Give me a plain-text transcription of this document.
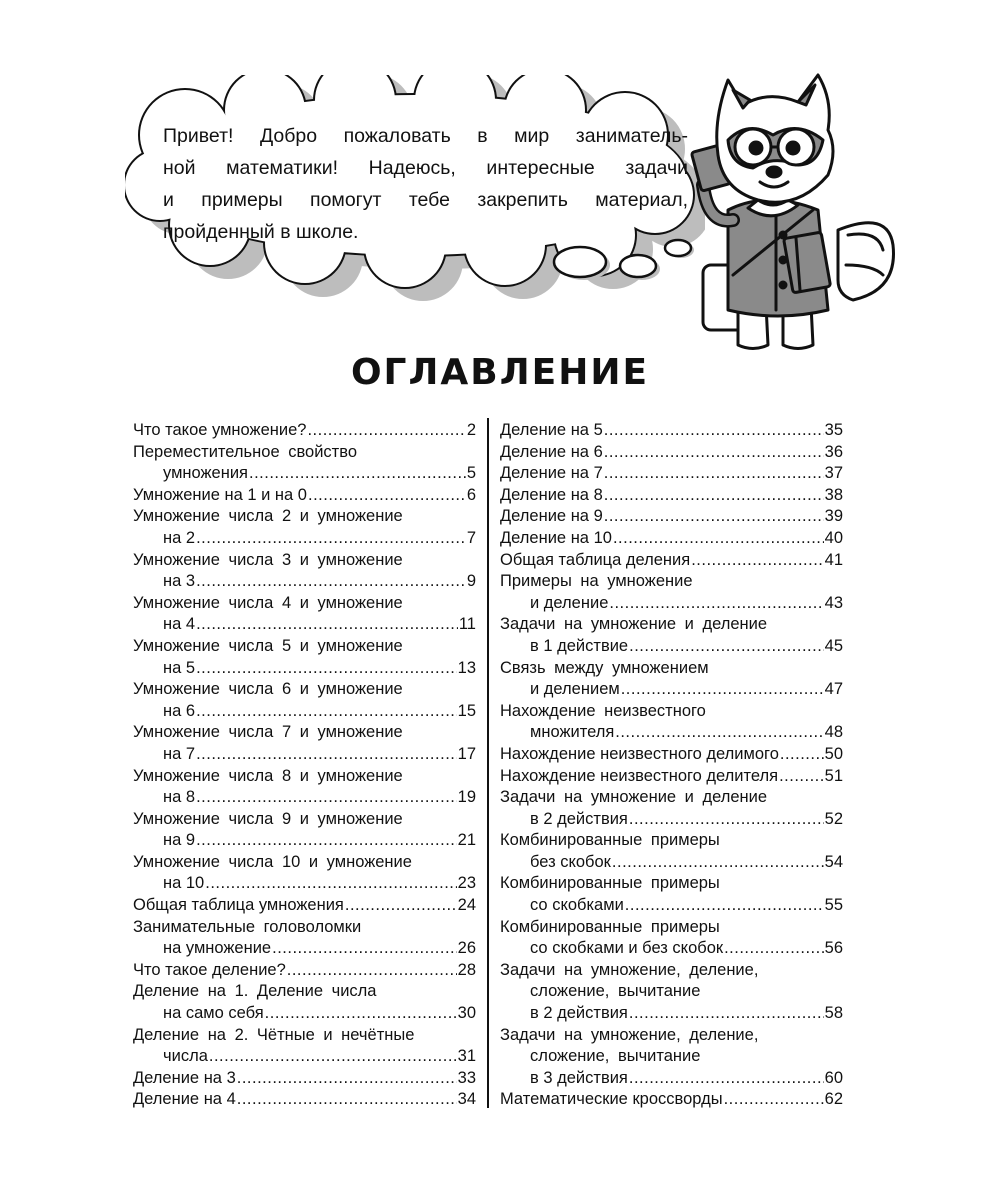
Привет! Добро пожаловать в мир заниматель-
ной математики! Надеюсь, интересные задачи
и примеры помогут тебе закрепить материал,
пройденный в школе.
ОГЛАВЛЕНИЕ
Что такое умножение? .....	2
Переместительное свойство
умножения .....	5
Умножение на 1 и на 0 .....	6
Умножение числа 2 и умножение
на 2 .....	7
Умножение числа 3 и умножение
на 3 .....	9
Умножение числа 4 и умножение
на 4 .....	11
Умножение числа 5 и умножение
на 5 .....	13
Умножение числа 6 и умножение
на 6 .....	15
Умножение числа 7 и умножение
на 7 .....	17
Умножение числа 8 и умножение
на 8 .....	19
Умножение числа 9 и умножение
на 9 .....	21
Умножение числа 10 и умножение
на 10 .....	23
Общая таблица умножения .....	24
Занимательные головоломки
на умножение .....	26
Что такое деление? .....	28
Деление на 1. Деление числа
на само себя .....	30
Деление на 2. Чётные и нечётные
числа .....	31
Деление на 3 .....	33
Деление на 4 .....	34
Деление на 5 .....	35
Деление на 6 .....	36
Деление на 7 .....	37
Деление на 8 .....	38
Деление на 9 .....	39
Деление на 10 .....	40
Общая таблица деления .....	41
Примеры на умножение
и деление .....	43
Задачи на умножение и деление
в 1 действие .....	45
Связь между умножением
и делением .....	47
Нахождение неизвестного
множителя .....	48
Нахождение неизвестного делимого .....	50
Нахождение неизвестного делителя .....	51
Задачи на умножение и деление
в 2 действия .....	52
Комбинированные примеры
без скобок .....	54
Комбинированные примеры
со скобками .....	55
Комбинированные примеры
со скобками и без скобок .....	56
Задачи на умножение, деление,
сложение, вычитание
в 2 действия .....	58
Задачи на умножение, деление,
сложение, вычитание
в 3 действия .....	60
Математические кроссворды .....	62
